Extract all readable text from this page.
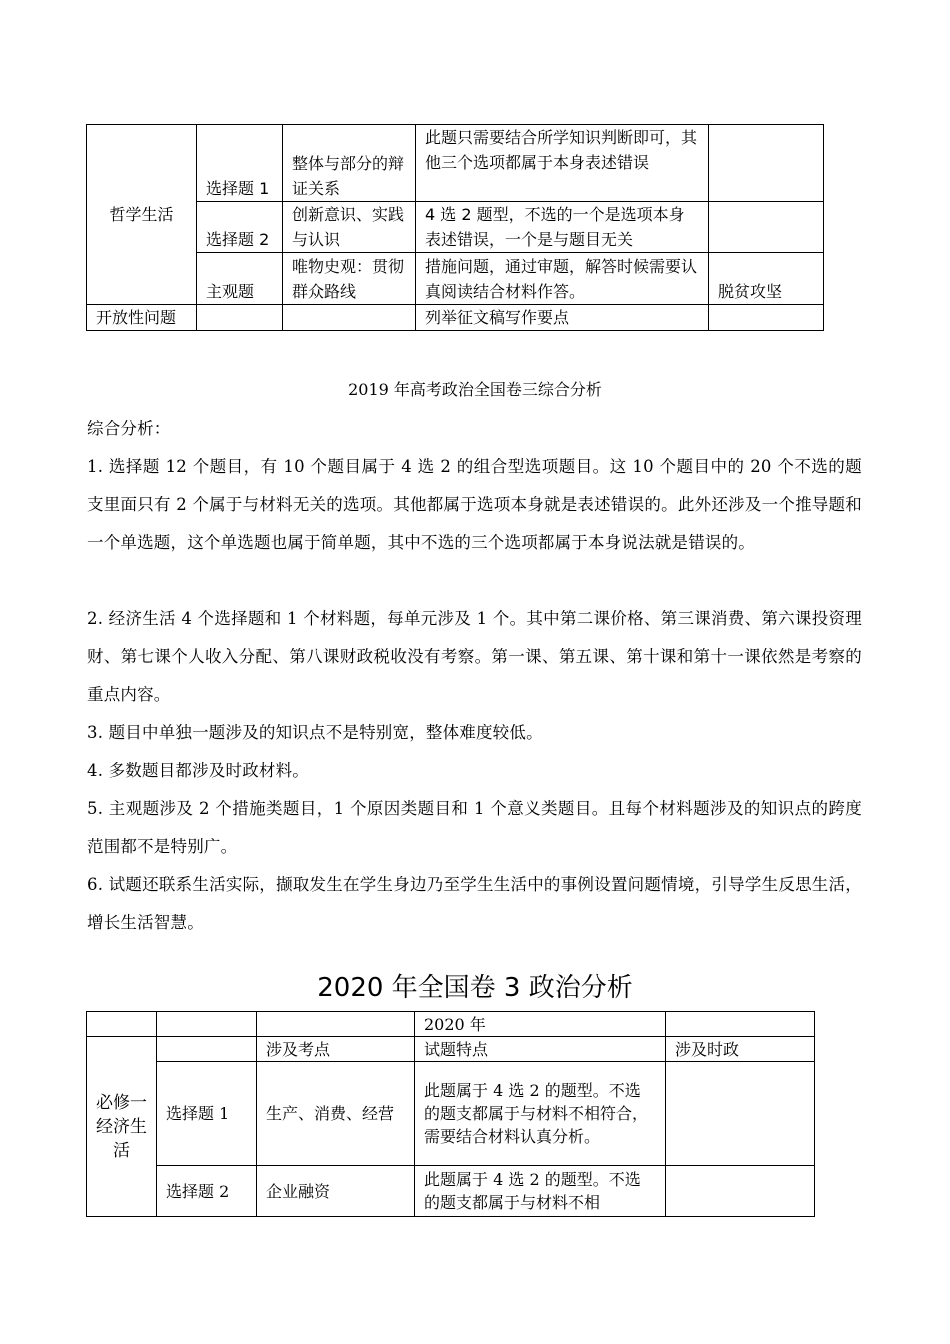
哲学生活	选择题 1	整体与部分的辩证关系	此题只需要结合所学知识判断即可，其他三个选项都属于本身表述错误	
	选择题 2	创新意识、实践与认识	4 选 2 题型，不选的一个是选项本身表述错误，一个是与题目无关	
	主观题	唯物史观：贯彻群众路线	措施问题，通过审题，解答时候需要认真阅读结合材料作答。	脱贫攻坚
开放性问题			列举征文稿写作要点	
2019 年高考政治全国卷三综合分析
综合分析：
1. 选择题 12 个题目，有 10 个题目属于 4 选 2 的组合型选项题目。这 10 个题目中的 20 个不选的题支里面只有 2 个属于与材料无关的选项。其他都属于选项本身就是表述错误的。此外还涉及一个推导题和一个单选题，这个单选题也属于简单题，其中不选的三个选项都属于本身说法就是错误的。
2. 经济生活 4 个选择题和 1 个材料题，每单元涉及 1 个。其中第二课价格、第三课消费、第六课投资理财、第七课个人收入分配、第八课财政税收没有考察。第一课、第五课、第十课和第十一课依然是考察的重点内容。
3. 题目中单独一题涉及的知识点不是特别宽，整体难度较低。
4. 多数题目都涉及时政材料。
5. 主观题涉及 2 个措施类题目，1 个原因类题目和 1 个意义类题目。且每个材料题涉及的知识点的跨度范围都不是特别广。
6. 试题还联系生活实际，撷取发生在学生身边乃至学生生活中的事例设置问题情境，引导学生反思生活，增长生活智慧。
2020 年全国卷 3 政治分析
			2020 年	
必修一经济生活		涉及考点	试题特点	涉及时政
	选择题 1	生产、消费、经营	此题属于 4 选 2 的题型。不选的题支都属于与材料不相符合，需要结合材料认真分析。	
	选择题 2	企业融资	此题属于 4 选 2 的题型。不选的题支都属于与材料不相	
